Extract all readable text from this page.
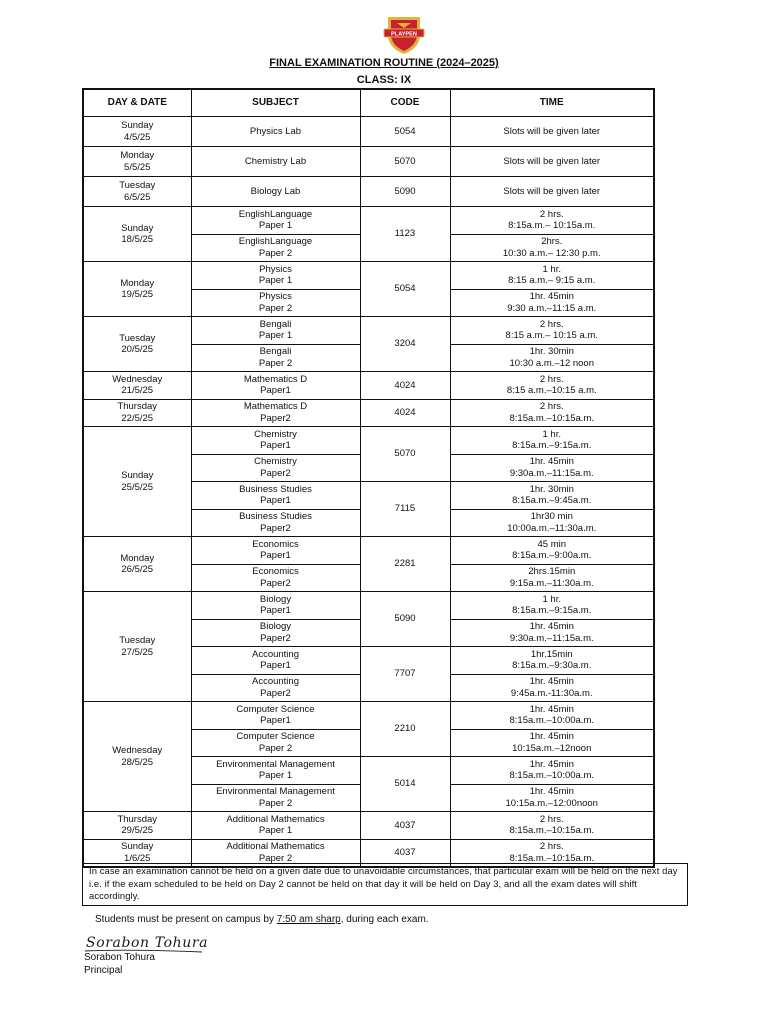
PLAYPEN
FINAL EXAMINATION ROUTINE (2024–2025)
CLASS: IX
DAY & DATE	SUBJECT	CODE	TIME

Sunday
4/5/25	Physics Lab	5054	Slots will be given later

Monday
5/5/25	Chemistry Lab	5070	Slots will be given later

Tuesday
6/5/25	Biology Lab	5090	Slots will be given later

Sunday
18/5/25	EnglishLanguage
Paper 1	1123	2 hrs.
8:15a.m.– 10:15a.m.

	EnglishLanguage
Paper 2		2hrs.
10:30 a.m.– 12:30 p.m.

Monday
19/5/25	Physics
Paper 1	5054	1 hr.
8:15 a.m.– 9:15 a.m.

	Physics
Paper 2		1hr. 45min
9:30 a.m.–11:15 a.m.

Tuesday
20/5/25	Bengali
Paper 1	3204	2 hrs.
8:15 a.m.– 10:15 a.m.

	Bengali
Paper 2		1hr. 30min
10:30 a.m.–12 noon

Wednesday
21/5/25	Mathematics D
Paper1	4024	2 hrs.
8:15 a.m.–10:15 a.m.

Thursday
22/5/25	Mathematics D
Paper2	4024	2 hrs.
8:15a.m.–10:15a.m.

Sunday
25/5/25	Chemistry
Paper1	5070	1 hr.
8:15a.m.–9:15a.m.

	Chemistry
Paper2		1hr. 45min
9:30a.m.–11:15a.m.

	Business Studies
Paper1	7115	1hr. 30min
8:15a.m.–9:45a.m.

	Business Studies
Paper2		1hr30 min
10:00a.m.–11:30a.m.

Monday
26/5/25	Economics
Paper1	2281	45 min
8:15a.m.–9:00a.m.

	Economics
Paper2		2hrs.15min
9:15a.m.–11:30a.m.

Tuesday
27/5/25	Biology
Paper1	5090	1 hr.
8:15a.m.–9:15a.m.

	Biology
Paper2		1hr. 45min
9:30a.m.–11:15a.m.

	Accounting
Paper1	7707	1hr.15min
8:15a.m.–9:30a.m.

	Accounting
Paper2		1hr. 45min
9:45a.m.-11:30a.m.

Wednesday
28/5/25	Computer Science
Paper1	2210	1hr. 45min
8:15a.m.–10:00a.m.

	Computer Science
Paper 2		1hr. 45min
10:15a.m.–12noon

	Environmental Management
Paper 1	5014	1hr. 45min
8:15a.m.–10:00a.m.

	Environmental Management
Paper 2		1hr. 45min
10:15a.m.–12:00noon

Thursday
29/5/25	Additional Mathematics
Paper 1	4037	2 hrs.
8:15a.m.–10:15a.m.

Sunday
1/6/25	Additional Mathematics
Paper 2	4037	2 hrs.
8:15a.m.–10:15a.m.
In case an examination cannot be held on a given date due to unavoidable circumstances, that particular exam will be held on the next day i.e. if the exam scheduled to be held on Day 2 cannot be held on that day it will be held on Day 3, and all the exam dates will shift accordingly.
Students must be present on campus by 7:50 am sharp, during each exam.
Sorabon Tohura
Sorabon Tohura
Principal
